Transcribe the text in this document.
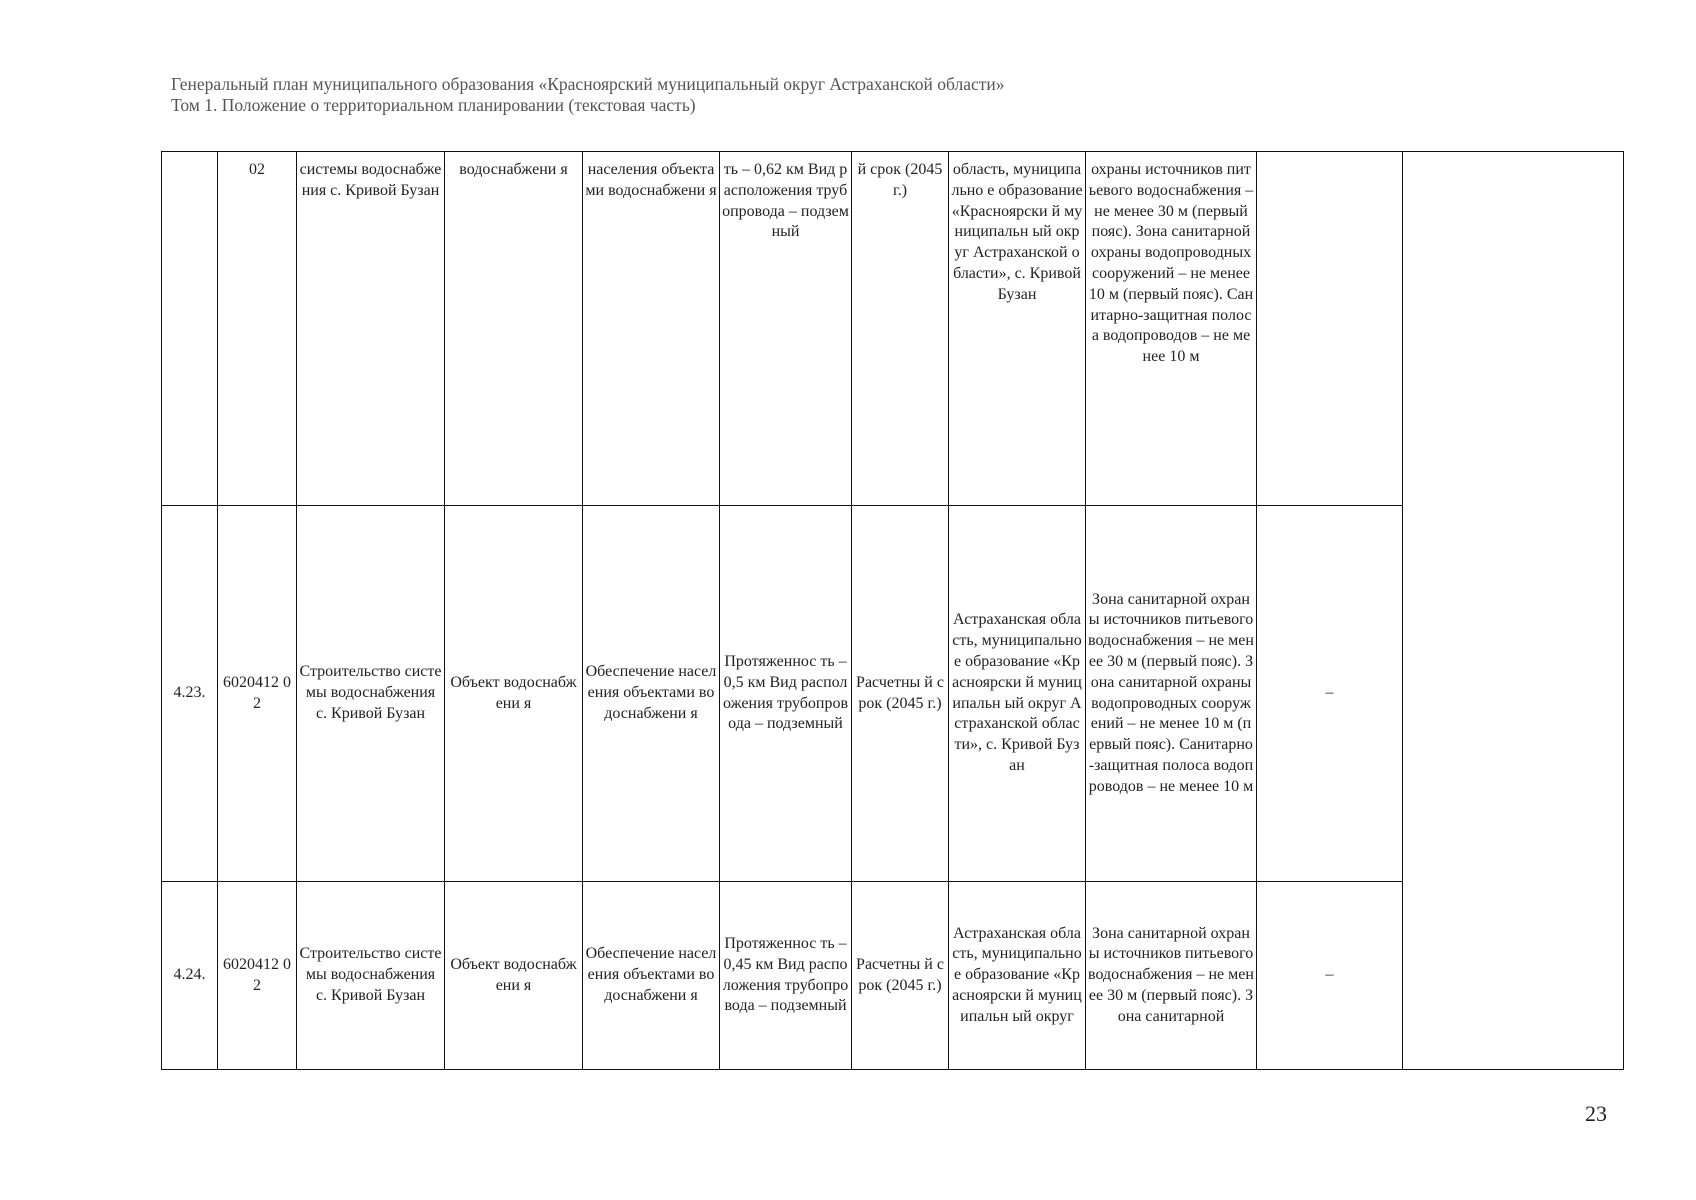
Генеральный план муниципального образования «Красноярский муниципальный округ Астраханской области»
Том 1. Положение о территориальном планировании (текстовая часть)
	02	системы водоснабжения с. Кривой Бузан	водоснабжени я	населения объектами водоснабжени я	ть – 0,62 км Вид расположения трубопровода – подземный	й срок (2045 г.)	область, муниципально е образование «Красноярски й муниципальн ый округ Астраханской области», с. Кривой Бузан	охраны источников питьевого водоснабжения – не менее 30 м (первый пояс). Зона санитарной охраны водопроводных сооружений – не менее 10 м (первый пояс). Санитарно-защитная полоса водопроводов – не менее 10 м		
4.23.	6020412 02	Строительство системы водоснабжения с. Кривой Бузан	Объект водоснабжени я	Обеспечение населения объектами водоснабжени я	Протяженнос ть – 0,5 км Вид расположения трубопровода – подземный	Расчетны й срок (2045 г.)	Астраханская область, муниципально е образование «Красноярски й муниципальн ый округ Астраханской области», с. Кривой Бузан	Зона санитарной охраны источников питьевого водоснабжения – не менее 30 м (первый пояс). Зона санитарной охраны водопроводных сооружений – не менее 10 м (первый пояс). Санитарно-защитная полоса водопроводов – не менее 10 м	–	
4.24.	6020412 02	Строительство системы водоснабжения с. Кривой Бузан	Объект водоснабжени я	Обеспечение населения объектами водоснабжени я	Протяженнос ть – 0,45 км Вид расположения трубопровода – подземный	Расчетны й срок (2045 г.)	Астраханская область, муниципально е образование «Красноярски й муниципальн ый округ	Зона санитарной охраны источников питьевого водоснабжения – не менее 30 м (первый пояс). Зона санитарной	–	
23
